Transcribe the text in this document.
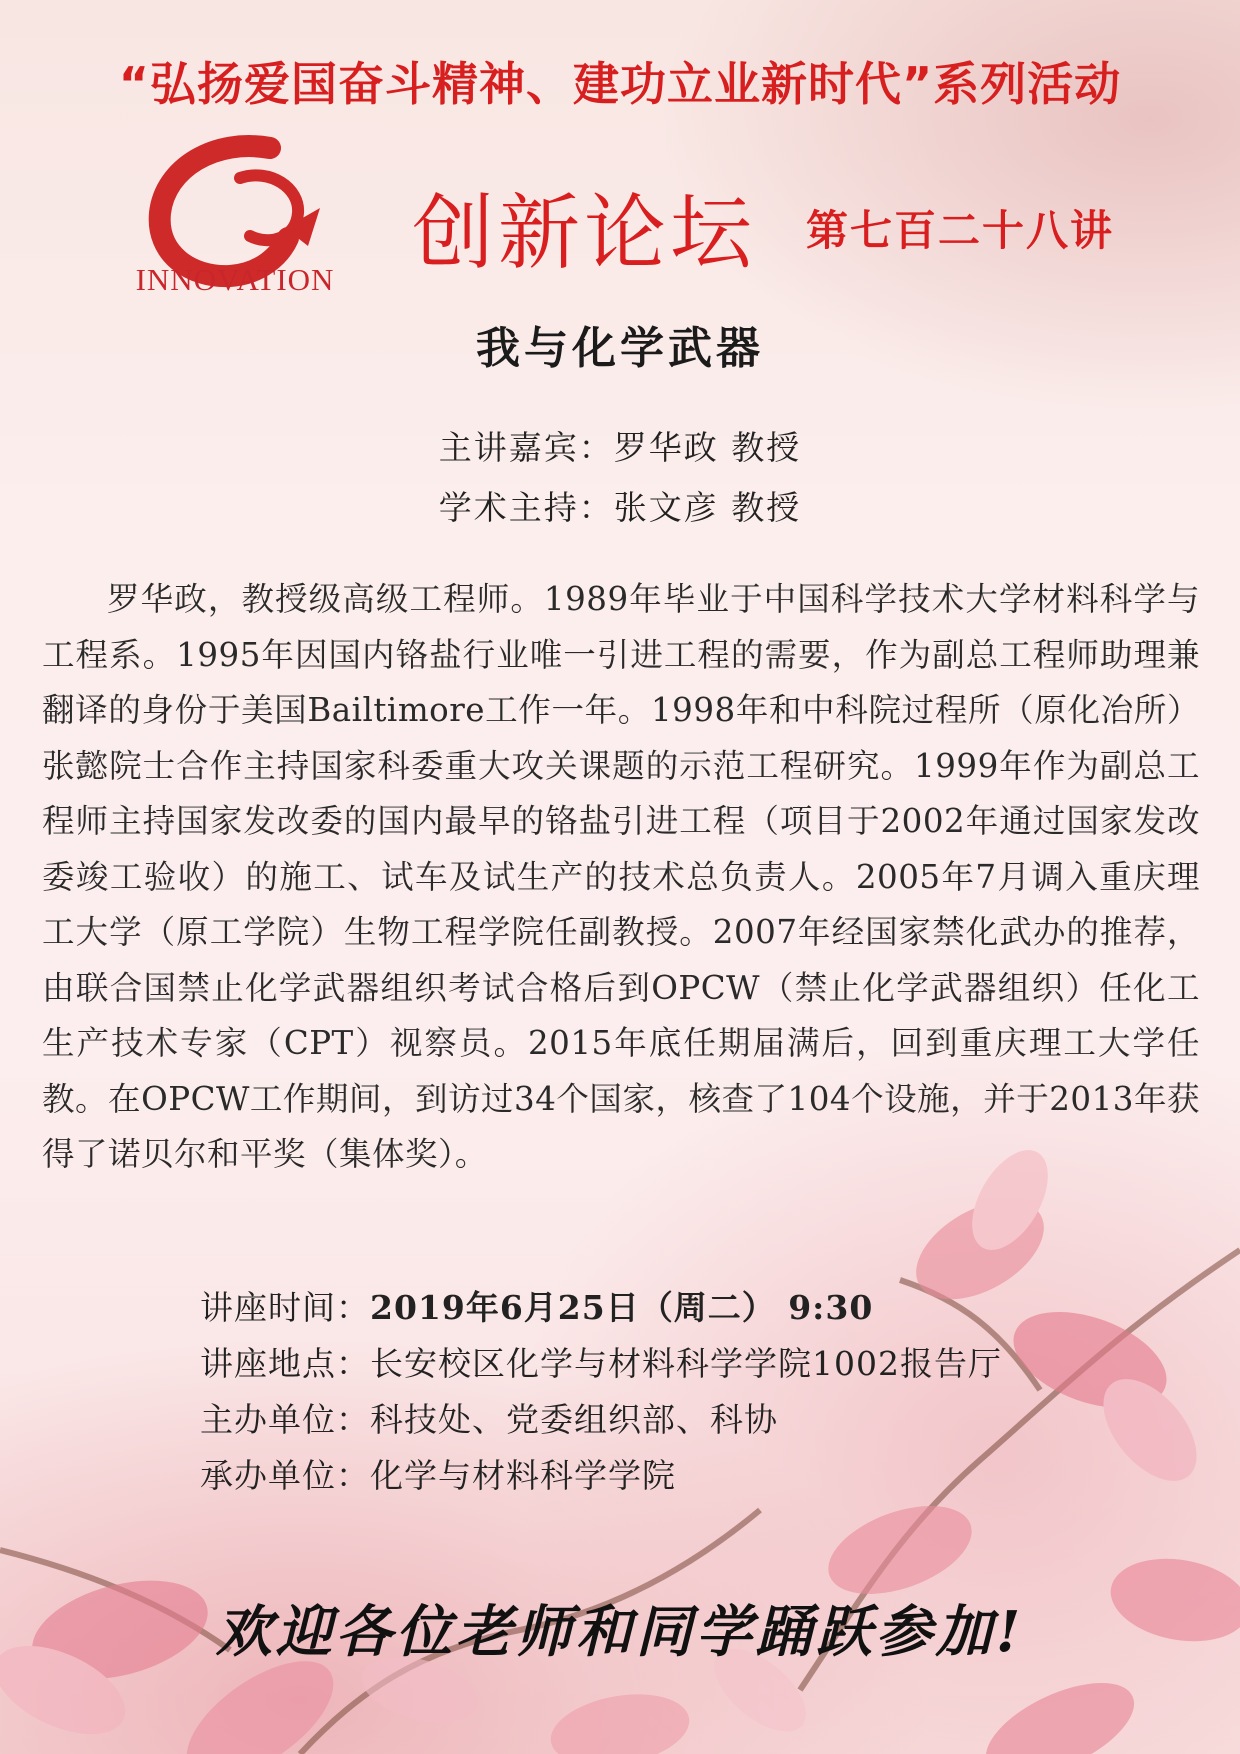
“弘扬爱国奋斗精神、建功立业新时代”系列活动
INNOVATION 创新论坛 第七百二十八讲
我与化学武器
主讲嘉宾：罗华政 教授
学术主持：张文彦 教授

罗华政，教授级高级工程师。1989年毕业于中国科学技术大学材料科学与工程系。1995年因国内铬盐行业唯一引进工程的需要，作为副总工程师助理兼翻译的身份于美国Bailtimore工作一年。1998年和中科院过程所（原化冶所）张懿院士合作主持国家科委重大攻关课题的示范工程研究。1999年作为副总工程师主持国家发改委的国内最早的铬盐引进工程（项目于2002年通过国家发改委竣工验收）的施工、试车及试生产的技术总负责人。2005年7月调入重庆理工大学（原工学院）生物工程学院任副教授。2007年经国家禁化武办的推荐，由联合国禁止化学武器组织考试合格后到OPCW（禁止化学武器组织）任化工生产技术专家（CPT）视察员。2015年底任期届满后，回到重庆理工大学任教。在OPCW工作期间，到访过34个国家，核查了104个设施，并于2013年获得了诺贝尔和平奖（集体奖）。

讲座时间：2019年6月25日（周二） 9:30
讲座地点：长安校区化学与材料科学学院1002报告厅
主办单位：科技处、党委组织部、科协
承办单位：化学与材料科学学院
欢迎各位老师和同学踊跃参加!
